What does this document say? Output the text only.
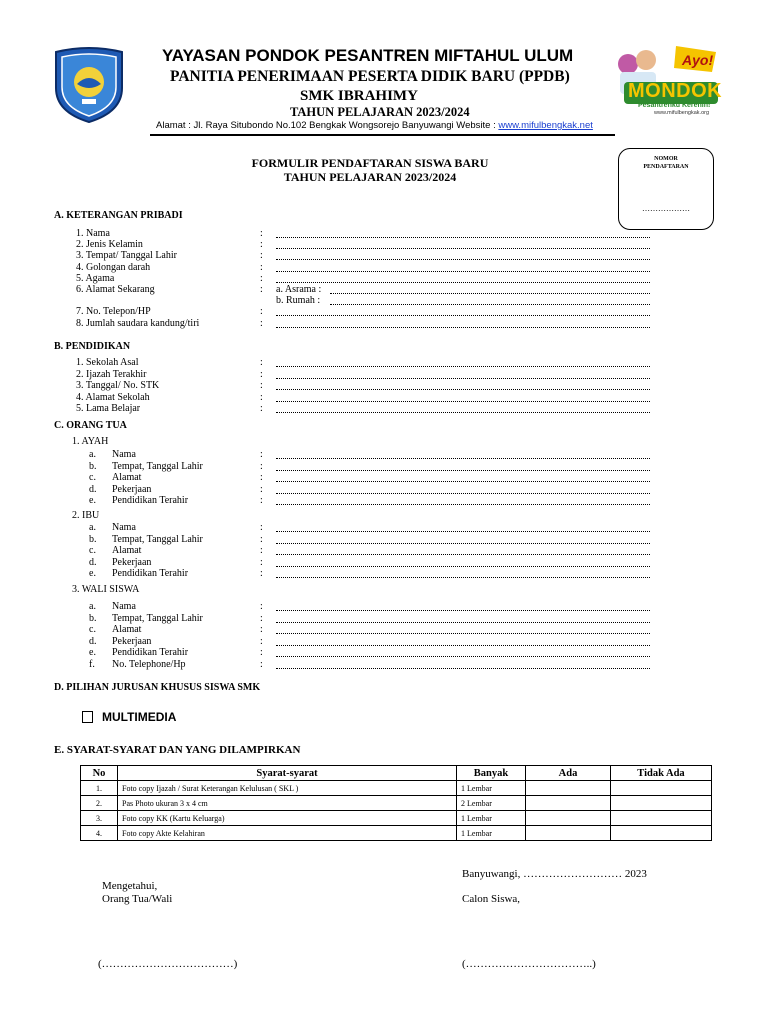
YAYASAN PONDOK PESANTREN MIFTAHUL ULUM
PANITIA PENERIMAAN PESERTA DIDIK BARU (PPDB)
SMK IBRAHIMY
TAHUN PELAJARAN 2023/2024
Alamat : Jl. Raya Situbondo No.102 Bengkak Wongsorejo Banyuwangi Website : www.mifulbengkak.net
Ayo!
MONDOK
Pesantrenku Kerenin!
www.mifulbengkak.org
FORMULIR PENDAFTARAN SISWA BARU
TAHUN PELAJARAN 2023/2024
NOMOR
PENDAFTARAN
………………
A. KETERANGAN PRIBADI
1. Nama	:
2. Jenis Kelamin	:
3. Tempat/ Tanggal Lahir	:
4. Golongan darah	:
5. Agama	:
6. Alamat Sekarang	: a. Asrama :
b. Rumah :
7. No. Telepon/HP	:
8. Jumlah saudara kandung/tiri	:
B. PENDIDIKAN
1. Sekolah Asal	:
2. Ijazah Terakhir	:
3. Tanggal/ No. STK	:
4. Alamat Sekolah	:
5. Lama Belajar	:
C. ORANG TUA
1. AYAH
2. IBU
3. WALI SISWA
a. Nama	:
b. Tempat, Tanggal Lahir	:
c. Alamat	:
d. Pekerjaan	:
e. Pendidikan Terahir	:
a. Nama	:
b. Tempat, Tanggal Lahir	:
c. Alamat	:
d. Pekerjaan	:
e. Pendidikan Terahir	:
a. Nama	:
b. Tempat, Tanggal Lahir	:
c. Alamat	:
d. Pekerjaan	:
e. Pendidikan Terahir	:
f. No. Telephone/Hp	:
D. PILIHAN JURUSAN KHUSUS SISWA SMK
MULTIMEDIA
E. SYARAT-SYARAT DAN YANG DILAMPIRKAN
No	Syarat-syarat	Banyak	Ada	Tidak Ada
1.	Foto copy Ijazah / Surat Keterangan Kelulusan ( SKL )	1 Lembar		
2.	Pas Photo ukuran 3 x 4 cm	2 Lembar		
3.	Foto copy KK (Kartu Keluarga)	1 Lembar		
4.	Foto copy Akte Kelahiran	1 Lembar		
Banyuwangi, ……………………… 2023
Mengetahui,
Orang Tua/Wali	Calon Siswa,
(………………………………)	(……………………………..)
